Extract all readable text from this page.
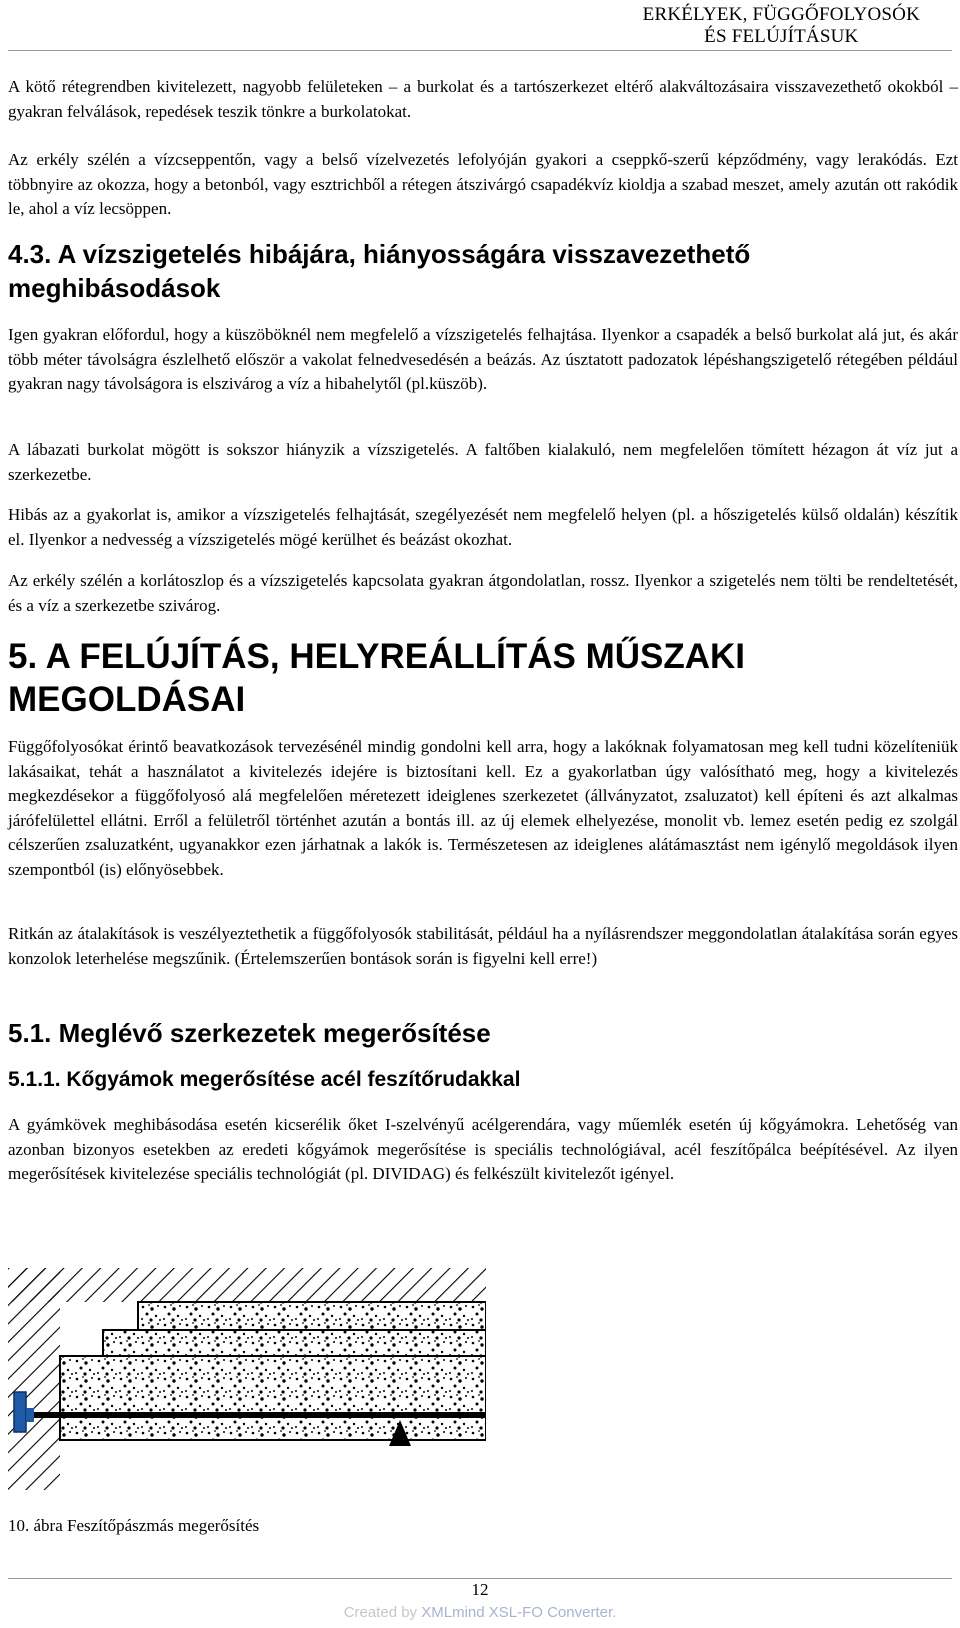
ERKÉLYEK, FÜGGŐFOLYOSÓK
ÉS FELÚJÍTÁSUK

A kötő rétegrendben kivitelezett, nagyobb felületeken – a burkolat és a tartószerkezet eltérő alakváltozásaira visszavezethető okokból – gyakran felválások, repedések teszik tönkre a burkolatokat.

Az erkély szélén a vízcseppentőn, vagy a belső vízelvezetés lefolyóján gyakori a cseppkő-szerű képződmény, vagy lerakódás. Ezt többnyire az okozza, hogy a betonból, vagy esztrichből a rétegen átszivárgó csapadékvíz kioldja a szabad meszet, amely azután ott rakódik le, ahol a víz lecsöppen.

4.3. A vízszigetelés hibájára, hiányosságára visszavezethető meghibásodások

Igen gyakran előfordul, hogy a küszöböknél nem megfelelő a vízszigetelés felhajtása. Ilyenkor a csapadék a belső burkolat alá jut, és akár több méter távolságra észlelhető először a vakolat felnedvesedésén a beázás. Az úsztatott padozatok lépéshangszigetelő rétegében például gyakran nagy távolságora is elszivárog a víz a hibahelytől (pl.küszöb).

A lábazati burkolat mögött is sokszor hiányzik a vízszigetelés. A faltőben kialakuló, nem megfelelően tömített hézagon át víz jut a szerkezetbe.

Hibás az a gyakorlat is, amikor a vízszigetelés felhajtását, szegélyezését nem megfelelő helyen (pl. a hőszigetelés külső oldalán) készítik el. Ilyenkor a nedvesség a vízszigetelés mögé kerülhet és beázást okozhat.

Az erkély szélén a korlátoszlop és a vízszigetelés kapcsolata gyakran átgondolatlan, rossz. Ilyenkor a szigetelés nem tölti be rendeltetését, és a víz a szerkezetbe szivárog.

5. A FELÚJÍTÁS, HELYREÁLLÍTÁS MŰSZAKI MEGOLDÁSAI

Függőfolyosókat érintő beavatkozások tervezésénél mindig gondolni kell arra, hogy a lakóknak folyamatosan meg kell tudni közelíteniük lakásaikat, tehát a használatot a kivitelezés idejére is biztosítani kell. Ez a gyakorlatban úgy valósítható meg, hogy a kivitelezés megkezdésekor a függőfolyosó alá megfelelően méretezett ideiglenes szerkezetet (állványzatot, zsaluzatot) kell építeni és azt alkalmas járófelülettel ellátni. Erről a felületről történhet azután a bontás ill. az új elemek elhelyezése, monolit vb. lemez esetén pedig ez szolgál célszerűen zsaluzatként, ugyanakkor ezen járhatnak a lakók is. Természetesen az ideiglenes alátámasztást nem igénylő megoldások ilyen szempontból (is) előnyösebbek.

Ritkán az átalakítások is veszélyeztethetik a függőfolyosók stabilitását, például ha a nyílásrendszer meggondolatlan átalakítása során egyes konzolok leterhelése megszűnik. (Értelemszerűen bontások során is figyelni kell erre!)

5.1. Meglévő szerkezetek megerősítése
5.1.1. Kőgyámok megerősítése acél feszítőrudakkal

A gyámkövek meghibásodása esetén kicserélik őket I-szelvényű acélgerendára, vagy műemlék esetén új kőgyámokra. Lehetőség van azonban bizonyos esetekben az eredeti kőgyámok megerősítése is speciális technológiával, acél feszítőpálca beépítésével. Az ilyen megerősítések kivitelezése speciális technológiát (pl. DIVIDAG) és felkészült kivitelezőt igényel.

10. ábra Feszítőpászmás megerősítés
12
Created by XMLmind XSL-FO Converter.
